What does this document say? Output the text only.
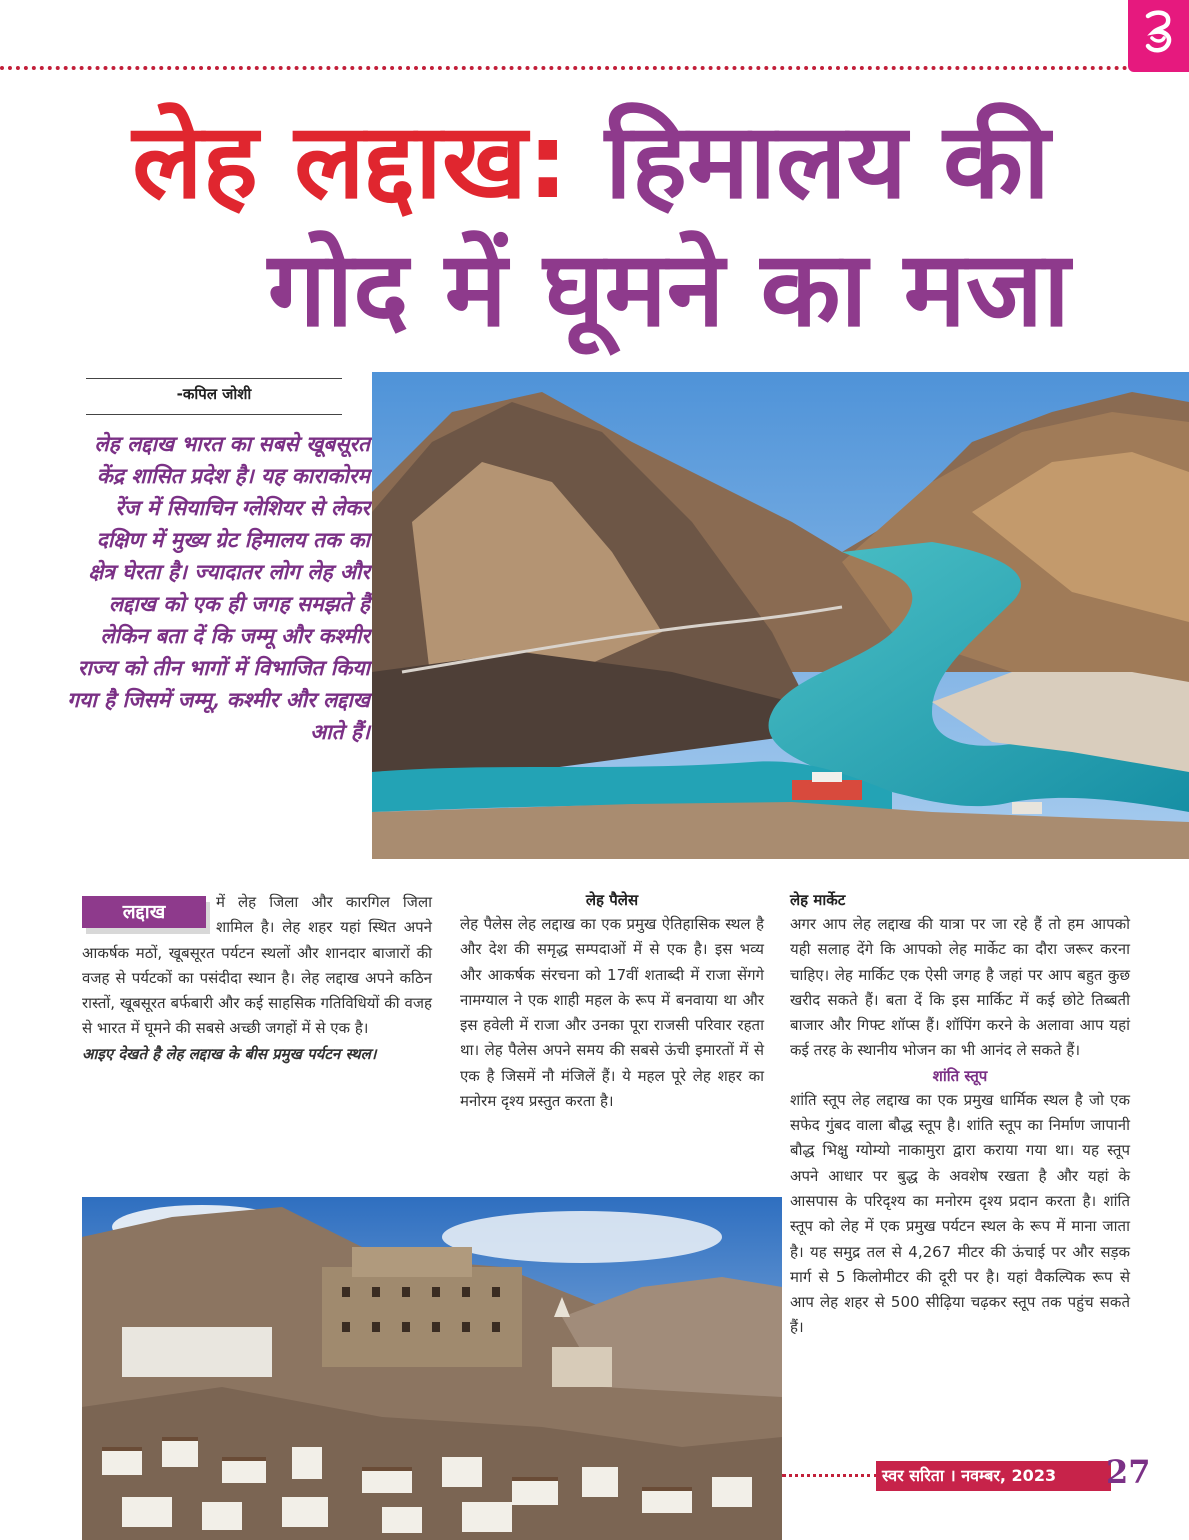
लेह लद्दाख: हिमालय की
गोद में घूमने का मजा
-कपिल जोशी
लेह लद्दाख भारत का सबसे खूबसूरत केंद्र शासित प्रदेश है। यह काराकोरम रेंज में सियाचिन ग्लेशियर से लेकर दक्षिण में मुख्य ग्रेट हिमालय तक का क्षेत्र घेरता है। ज्यादातर लोग लेह और लद्दाख को एक ही जगह समझते हैं लेकिन बता दें कि जम्मू और कश्मीर राज्य को तीन भागों में विभाजित किया गया है जिसमें जम्मू, कश्मीर और लद्दाख आते हैं।
लद्दाख	में लेह जिला और कारगिल जिला शामिल है। लेह शहर यहां स्थित अपने आकर्षक मठों, खूबसूरत पर्यटन स्थलों और शानदार बाजारों की वजह से पर्यटकों का पसंदीदा स्थान है। लेह लद्दाख अपने कठिन रास्तों, खूबसूरत बर्फबारी और कई साहसिक गतिविधियों की वजह से भारत में घूमने की सबसे अच्छी जगहों में से एक है।
आइए देखते है लेह लद्दाख के बीस प्रमुख पर्यटन स्थल।
लेह पैलेस
लेह पैलेस लेह लद्दाख का एक प्रमुख ऐतिहासिक स्थल है और देश की समृद्ध सम्पदाओं में से एक है। इस भव्य और आकर्षक संरचना को 17वीं शताब्दी में राजा सेंगगे नामग्याल ने एक शाही महल के रूप में बनवाया था और इस हवेली में राजा और उनका पूरा राजसी परिवार रहता था। लेह पैलेस अपने समय की सबसे ऊंची इमारतों में से एक है जिसमें नौ मंजिलें हैं। ये महल पूरे लेह शहर का मनोरम दृश्य प्रस्तुत करता है।
लेह मार्केट
अगर आप लेह लद्दाख की यात्रा पर जा रहे हैं तो हम आपको यही सलाह देंगे कि आपको लेह मार्केट का दौरा जरूर करना चाहिए। लेह मार्किट एक ऐसी जगह है जहां पर आप बहुत कुछ खरीद सकते हैं। बता दें कि इस मार्किट में कई छोटे तिब्बती बाजार और गिफ्ट शॉप्स हैं। शॉपिंग करने के अलावा आप यहां कई तरह के स्थानीय भोजन का भी आनंद ले सकते हैं।
शांति स्तूप
शांति स्तूप लेह लद्दाख का एक प्रमुख धार्मिक स्थल है जो एक सफेद गुंबद वाला बौद्ध स्तूप है। शांति स्तूप का निर्माण जापानी बौद्ध भिक्षु ग्योम्यो नाकामुरा द्वारा कराया गया था। यह स्तूप अपने आधार पर बुद्ध के अवशेष रखता है और यहां के आसपास के परिदृश्य का मनोरम दृश्य प्रदान करता है। शांति स्तूप को लेह में एक प्रमुख पर्यटन स्थल के रूप में माना जाता है। यह समुद्र तल से 4,267 मीटर की ऊंचाई पर और सड़क मार्ग से 5 किलोमीटर की दूरी पर है। यहां वैकल्पिक रूप से आप लेह शहर से 500 सीढ़िया चढ़कर स्तूप तक पहुंच सकते हैं।
स्वर सरिता । नवम्बर, 2023	27
